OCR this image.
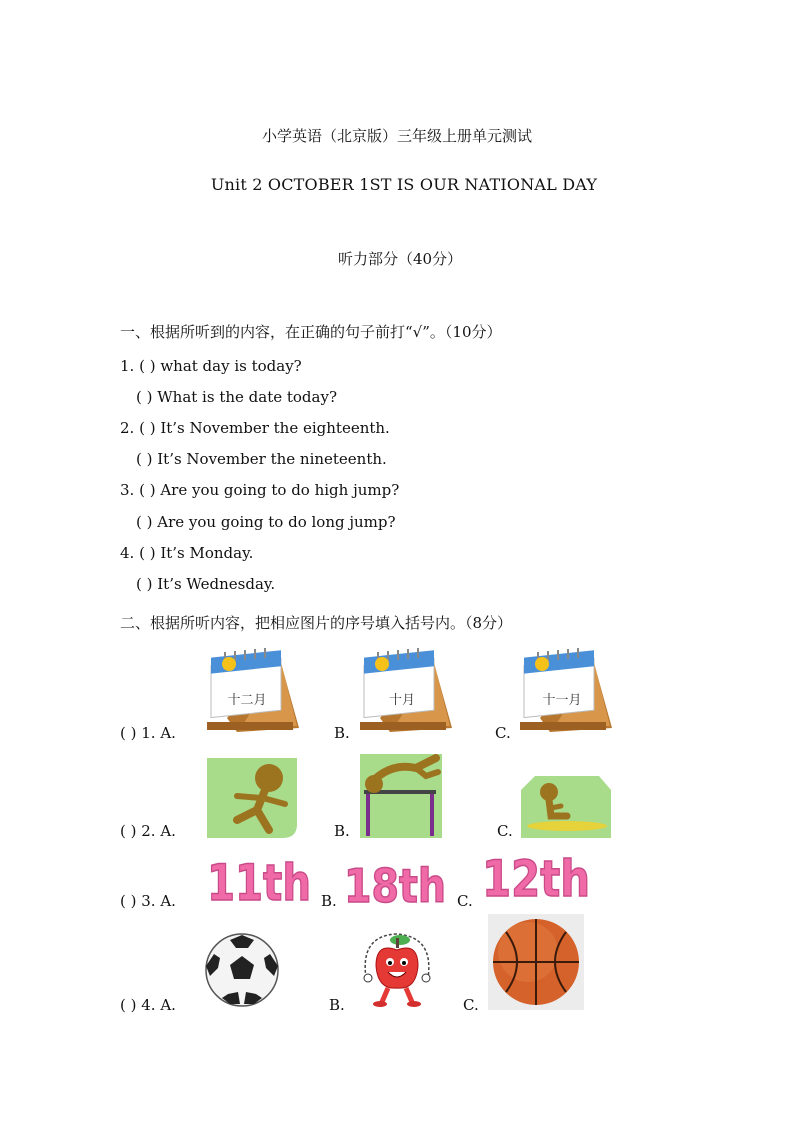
小学英语（北京版）三年级上册单元测试
Unit 2 OCTOBER 1ST IS OUR NATIONAL DAY
听力部分（40分）
一、根据所听到的内容，在正确的句子前打“√”。（10分）
1. ( ) what day is today?
( ) What is the date today?
2. ( ) It’s November the eighteenth.
( ) It’s November the nineteenth.
3. ( ) Are you going to do high jump?
( ) Are you going to do long jump?
4. ( ) It’s Monday.
( ) It’s Wednesday.
二、根据所听内容，把相应图片的序号填入括号内。（8分）
( ) 1. A.	B.	C.
十二月	十月	十一月
( ) 2. A.	B.	C.
( ) 3. A.	B.	C.
11th 18th 12th
( ) 4. A.	B.	C.
